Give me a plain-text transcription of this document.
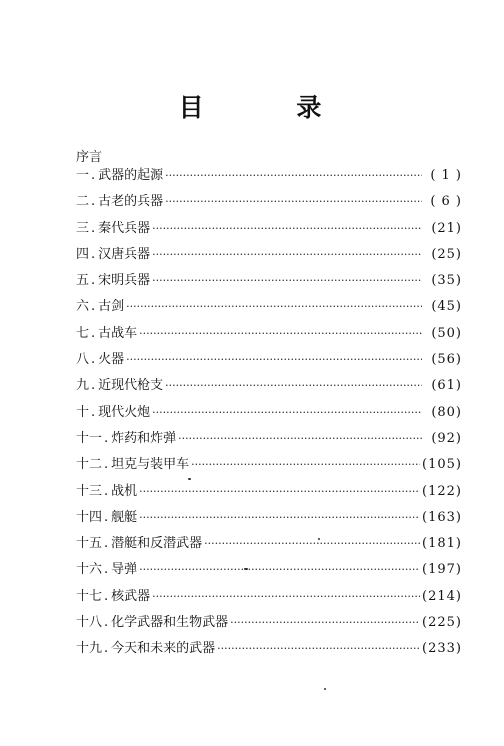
目 录
序言
一 . 武器的起源 ·····	( 1 )
二 . 古老的兵器 ·····	( 6 )
三 . 秦代兵器 ·····	(21)
四 . 汉唐兵器 ·····	(25)
五 . 宋明兵器 ·····	(35)
六 . 古剑 ·····	(45)
七 . 古战车 ·····	(50)
八 . 火器 ·····	(56)
九 . 近现代枪支 ·····	(61)
十 . 现代火炮 ·····	(80)
十一 . 炸药和炸弹 ·····	(92)
十二 . 坦克与装甲车 ·····	(105)
十三 . 战机 ·····	(122)
十四 . 舰艇 ·····	(163)
十五 . 潜艇和反潜武器 ·····	(181)
十六 . 导弹 ·····	(197)
十七 . 核武器 ·····	(214)
十八 . 化学武器和生物武器 ·····	(225)
十九 . 今天和未来的武器 ·····	(233)
